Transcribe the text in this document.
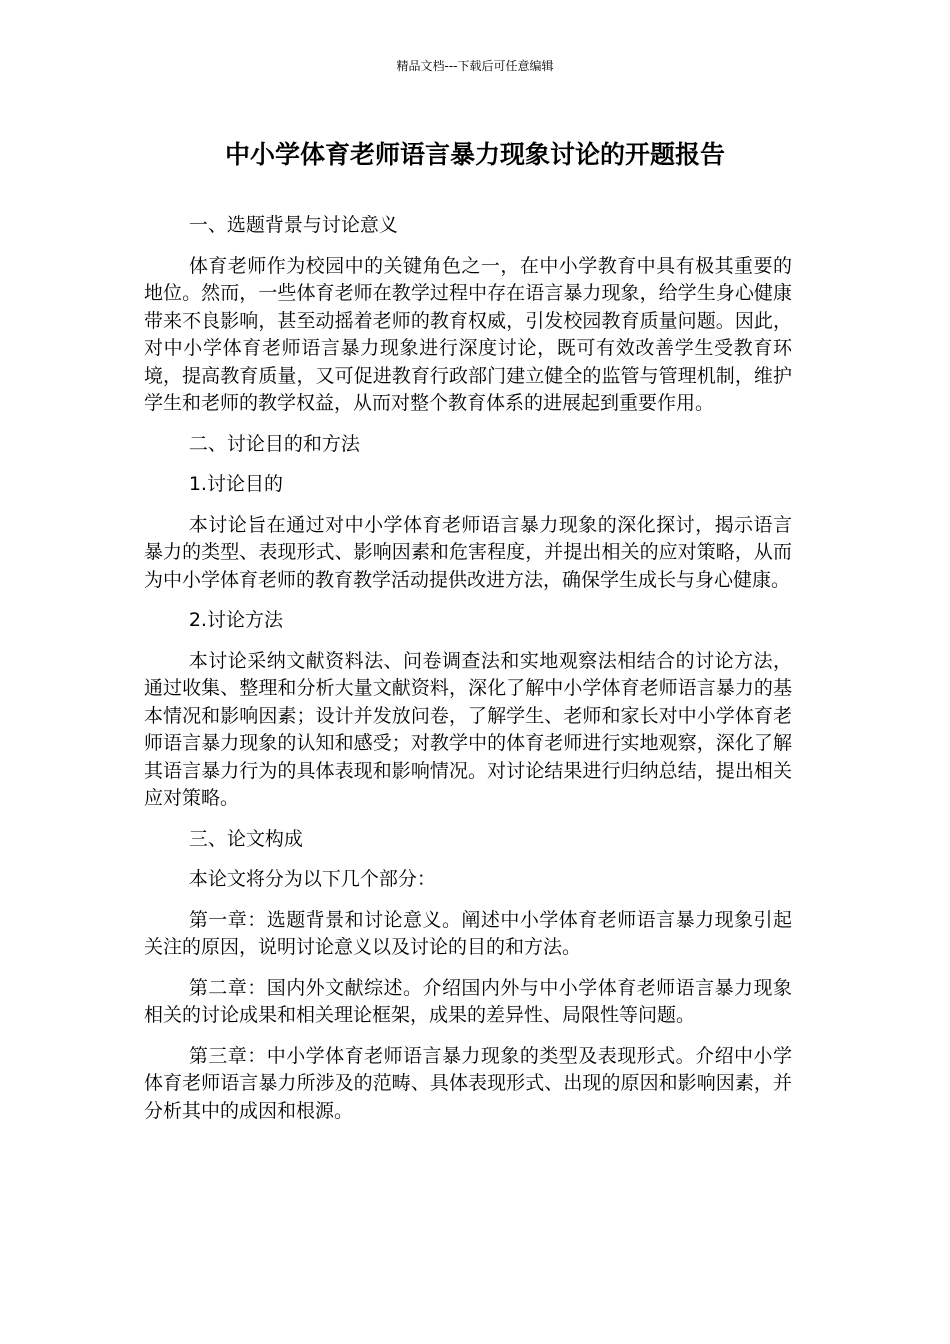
精品文档---下载后可任意编辑
中小学体育老师语言暴力现象讨论的开题报告

一、选题背景与讨论意义

体育老师作为校园中的关键角色之一，在中小学教育中具有极其重要的地位。然而，一些体育老师在教学过程中存在语言暴力现象，给学生身心健康带来不良影响，甚至动摇着老师的教育权威，引发校园教育质量问题。因此，对中小学体育老师语言暴力现象进行深度讨论，既可有效改善学生受教育环境，提高教育质量，又可促进教育行政部门建立健全的监管与管理机制，维护学生和老师的教学权益，从而对整个教育体系的进展起到重要作用。

二、讨论目的和方法

1.讨论目的

本讨论旨在通过对中小学体育老师语言暴力现象的深化探讨，揭示语言暴力的类型、表现形式、影响因素和危害程度，并提出相关的应对策略，从而为中小学体育老师的教育教学活动提供改进方法，确保学生成长与身心健康。

2.讨论方法

本讨论采纳文献资料法、问卷调查法和实地观察法相结合的讨论方法，通过收集、整理和分析大量文献资料，深化了解中小学体育老师语言暴力的基本情况和影响因素；设计并发放问卷，了解学生、老师和家长对中小学体育老师语言暴力现象的认知和感受；对教学中的体育老师进行实地观察，深化了解其语言暴力行为的具体表现和影响情况。对讨论结果进行归纳总结，提出相关应对策略。

三、论文构成

本论文将分为以下几个部分：

第一章：选题背景和讨论意义。阐述中小学体育老师语言暴力现象引起关注的原因，说明讨论意义以及讨论的目的和方法。

第二章：国内外文献综述。介绍国内外与中小学体育老师语言暴力现象相关的讨论成果和相关理论框架，成果的差异性、局限性等问题。

第三章：中小学体育老师语言暴力现象的类型及表现形式。介绍中小学体育老师语言暴力所涉及的范畴、具体表现形式、出现的原因和影响因素，并分析其中的成因和根源。
